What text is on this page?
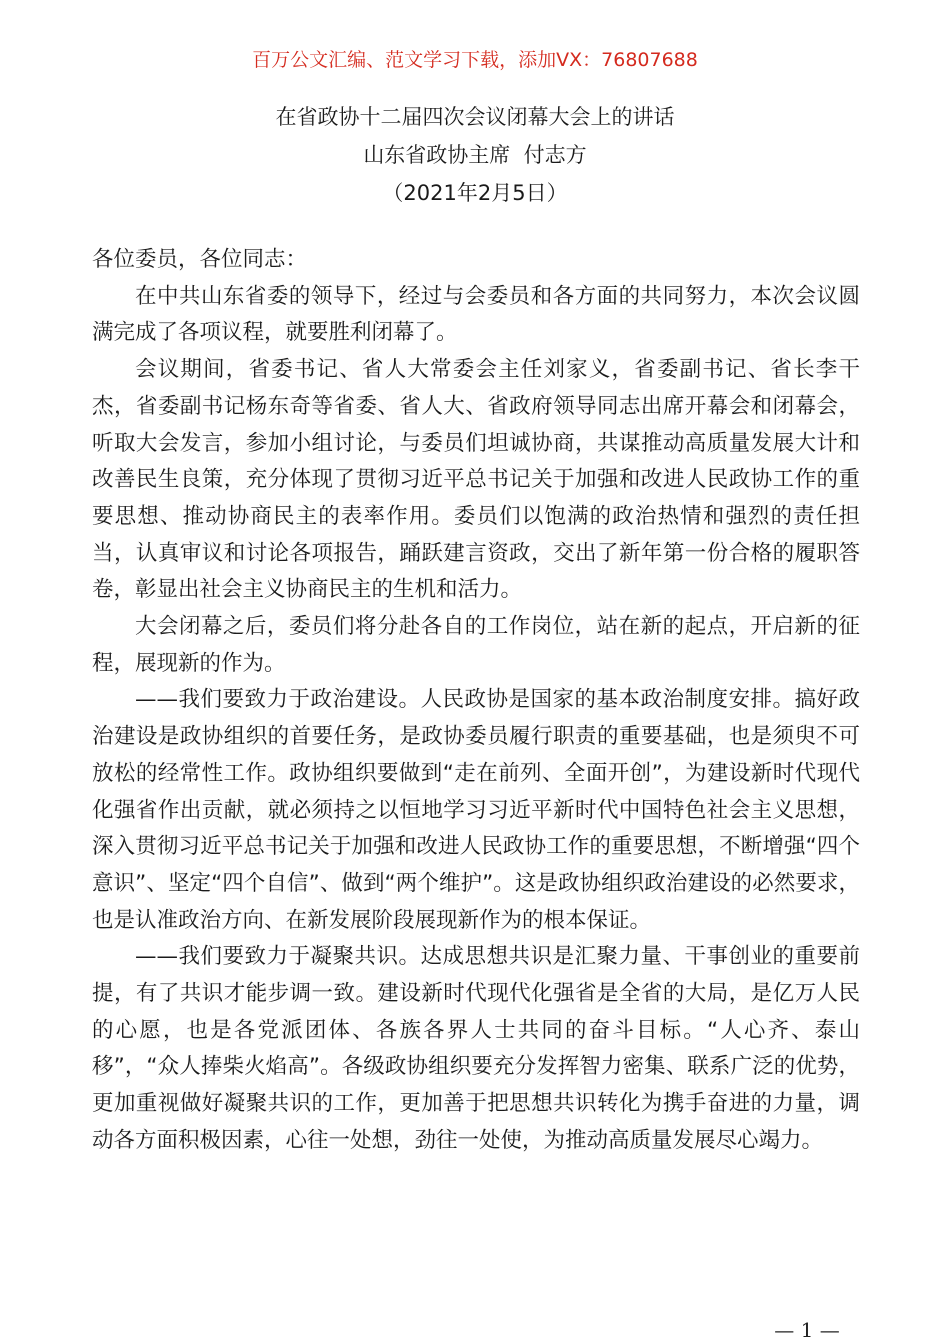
百万公文汇编、范文学习下载，添加VX：76807688
在省政协十二届四次会议闭幕大会上的讲话
山东省政协主席  付志方
（2021年2月5日）

各位委员，各位同志：

在中共山东省委的领导下，经过与会委员和各方面的共同努力，本次会议圆满完成了各项议程，就要胜利闭幕了。

会议期间，省委书记、省人大常委会主任刘家义，省委副书记、省长李干杰，省委副书记杨东奇等省委、省人大、省政府领导同志出席开幕会和闭幕会，听取大会发言，参加小组讨论，与委员们坦诚协商，共谋推动高质量发展大计和改善民生良策，充分体现了贯彻习近平总书记关于加强和改进人民政协工作的重要思想、推动协商民主的表率作用。委员们以饱满的政治热情和强烈的责任担当，认真审议和讨论各项报告，踊跃建言资政，交出了新年第一份合格的履职答卷，彰显出社会主义协商民主的生机和活力。

大会闭幕之后，委员们将分赴各自的工作岗位，站在新的起点，开启新的征程，展现新的作为。

——我们要致力于政治建设。人民政协是国家的基本政治制度安排。搞好政治建设是政协组织的首要任务，是政协委员履行职责的重要基础，也是须臾不可放松的经常性工作。政协组织要做到“走在前列、全面开创”，为建设新时代现代化强省作出贡献，就必须持之以恒地学习习近平新时代中国特色社会主义思想，深入贯彻习近平总书记关于加强和改进人民政协工作的重要思想，不断增强“四个意识”、坚定“四个自信”、做到“两个维护”。这是政协组织政治建设的必然要求，也是认准政治方向、在新发展阶段展现新作为的根本保证。

——我们要致力于凝聚共识。达成思想共识是汇聚力量、干事创业的重要前提，有了共识才能步调一致。建设新时代现代化强省是全省的大局，是亿万人民的心愿，也是各党派团体、各族各界人士共同的奋斗目标。“人心齐、泰山移”，“众人捧柴火焰高”。各级政协组织要充分发挥智力密集、联系广泛的优势，更加重视做好凝聚共识的工作，更加善于把思想共识转化为携手奋进的力量，调动各方面积极因素，心往一处想，劲往一处使，为推动高质量发展尽心竭力。

— 1 —
